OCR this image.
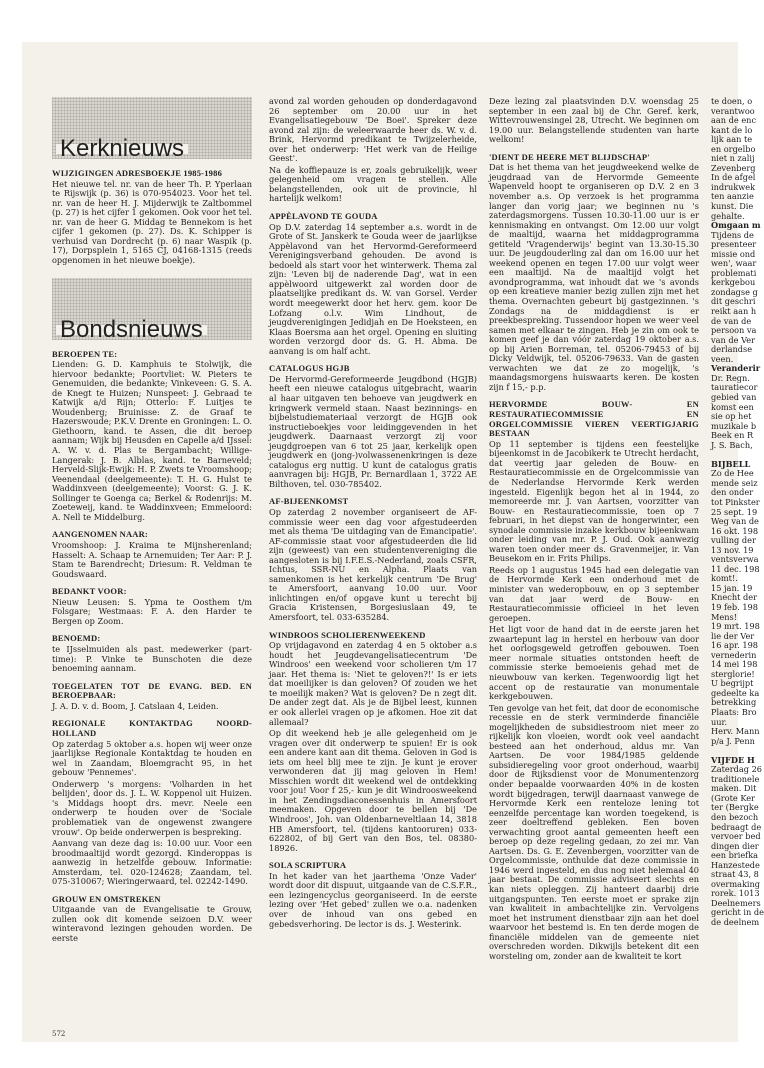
Kerknieuws
WIJZIGINGEN ADRESBOEKJE 1985-1986

Het nieuwe tel. nr. van de heer Th. P. Yperlaan te Rijswijk (p. 36) is 070-954023. Voor het tel. nr. van de heer H. J. Mijderwijk te Zaltbommel (p. 27) is het cijfer 1 gekomen. Ook voor het tel. nr. van de heer G. Middag te Bennekom is het cijfer 1 gekomen (p. 27). Ds. K. Schipper is verhuisd van Dordrecht (p. 6) naar Waspik (p. 17), Dorpsplein 1, 5165 CJ, 04168-1315 (reeds opgenomen in het nieuwe boekje).

Bondsnieuws
BEROEPEN TE:

Lienden: G. D. Kamphuis te Stolwijk, die hiervoor bedankte; Poortvliet: W. Pieters te Genemuiden, die bedankte; Vinkeveen: G. S. A. de Knegt te Huizen; Nunspeet: J. Gebraad te Katwijk a/d Rijn; Otterlo: F. Luitjes te Woudenberg; Bruinisse: Z. de Graaf te Hazerswoude; P.K.V. Drente en Groningen: L. O. Giethoorn, kand. te Assen, die dit beroep aannam; Wijk bij Heusden en Capelle a/d IJssel: A. W. v. d. Plas te Bergambacht; Willige-Langerak: J. B. Alblas, kand. te Barneveld; Herveld-Slijk-Ewijk: H. P. Zwets te Vroomshoop; Veenendaal (deelgemeente): T. H. G. Hulst te Waddinxveen (deelgemeente); Voorst: G. J. K. Sollinger te Goenga ca; Berkel & Rodenrijs: M. Zoeteweij, kand. te Waddinxveen; Emmeloord: A. Nell te Middelburg.

AANGENOMEN NAAR:

Vroomshoop: J. Kraima te Mijnsherenland; Hasselt: A. Schaap te Arnemuiden; Ter Aar: P. J. Stam te Barendrecht; Driesum: R. Veldman te Goudswaard.

BEDANKT VOOR:

Nieuw Leusen: S. Ypma te Oosthem t/m Folsgare; Westmaas: F. A. den Harder te Bergen op Zoom.

BENOEMD:

te IJsselmuiden als past. medewerker (part-time): P. Vinke te Bunschoten die deze benoeming aannam.

TOEGELATEN TOT DE EVANG. BED. EN BEROEPBAAR:

J. A. D. v. d. Boom, J. Catslaan 4, Leiden.

REGIONALE KONTAKTDAG NOORD-HOLLAND

Op zaterdag 5 oktober a.s. hopen wij weer onze jaarlijkse Regionale Kontaktdag te houden en wel in Zaandam, Bloemgracht 95, in het gebouw 'Pennemes'.

Onderwerp 's morgens: 'Volharden in het belijden', door ds. J. L. W. Koppenol uit Huizen. 's Middags hoopt drs. mevr. Neele een onderwerp te houden over de 'Sociale problematiek van de ongewenst zwangere vrouw'. Op beide onderwerpen is bespreking.

Aanvang van deze dag is: 10.00 uur. Voor een broodmaaltijd wordt gezorgd. Kinderoppas is aanwezig in hetzelfde gebouw. Informatie: Amsterdam, tel. 020-124628; Zaandam, tel. 075-310067; Wieringerwaard, tel. 02242-1490.

GROUW EN OMSTREKEN

Uitgaande van de Evangelisatie te Grouw, zullen ook dit komende seizoen D.V. weer winteravond lezingen gehouden worden. De eerste

avond zal worden gehouden op donderdagavond 26 september om 20.00 uur in het Evangelisatiegebouw 'De Boei'. Spreker deze avond zal zijn: de weleerwaarde heer ds. W. v. d. Brink, Hervormd predikant te Twijzelerheide, over het onderwerp: 'Het werk van de Heilige Geest'.

Na de koffiepauze is er, zoals gebruikelijk, weer gelegenheid om vragen te stellen. Alle belangstellenden, ook uit de provincie, hl hartelijk welkom!

APPÈLAVOND TE GOUDA

Op D.V. zaterdag 14 september a.s. wordt in de Grote of St. Janskerk te Gouda weer de jaarlijkse Appèlavond van het Hervormd-Gereformeerd Verenigingsverband gehouden. De avond is bedoeld als start voor het winterwerk. Thema zal zijn: 'Leven bij de naderende Dag', wat in een appèlwoord uitgewerkt zal worden door de plaatselijke predikant ds. W. van Gorsel. Verder wordt meegewerkt door het herv. gem. koor De Lofzang o.l.v. Wim Lindhout, de jeugdverenigingen Jedidjah en De Hoeksteen, en Klaas Boersma aan het orgel. Opening en sluiting worden verzorgd door ds. G. H. Abma. De aanvang is om half acht.

CATALOGUS HGJB

De Hervormd-Gereformeerde Jeugdbond (HGJB) heeft een nieuwe catalogus uitgebracht, waarin al haar uitgaven ten behoeve van jeugdwerk en kringwerk vermeld staan. Naast bezinnings- en bijbelstudiemateriaal verzorgt de HGJB ook instructieboekjes voor leidinggevenden in het jeugdwerk. Daarnaast verzorgt zij voor jeugdgroepen van 6 tot 25 jaar, kerkelijk open jeugdwerk en (jong-)volwassenenkringen is deze catalogus erg nuttig. U kunt de catalogus gratis aanvragen bij: HGJB, Pr. Bernardlaan 1, 3722 AE Bilthoven, tel. 030-785402.

AF-BIJEENKOMST

Op zaterdag 2 november organiseert de AF-commissie weer een dag voor afgestudeerden met als thema 'De uitdaging van de Emancipatie'. AF-commissie staat voor afgestudeerden die lid zijn (geweest) van een studentenvereniging die aangesloten is bij I.F.E.S.-Nederland, zoals CSFR, Ichtus, SSR-NU en Alpha. Plaats van samenkomen is het kerkelijk centrum 'De Brug' te Amersfoort, aanvang 10.00 uur. Voor inlichtingen en/of opgave kunt u terecht bij Gracia Kristensen, Borgesiuslaan 49, te Amersfoort, tel. 033-635284.

WINDROOS SCHOLIERENWEEKEND

Op vrijdagavond en zaterdag 4 en 5 oktober a.s houdt het Jeugdevangelisatiecentrum 'De Windroos' een weekend voor scholieren t/m 17 jaar. Het thema is: 'Niet te geloven?!' Is er iets dat moeilijker is dan geloven? Of zouden we het te moeilijk maken? Wat is geloven? De n zegt dit. De ander zegt dat. Als je de Bijbel leest, kunnen er ook allerlei vragen op je afkomen. Hoe zit dat allemaal?

Op dit weekend heb je alle gelegenheid om je vragen over dit onderwerp te spuien! Er is ook een andere kant aan dit thema. Geloven in God is iets om heel blij mee te zijn. Je kunt je erover verwonderen dat jij mag geloven in Hem! Misschien wordt dit weekend wel de ontdekking voor jou! Voor f 25,- kun je dit Windroosweekend in het Zendingsdiaconessenhuis in Amersfoort meemaken. Opgeven door te bellen bij 'De Windroos', Joh. van Oldenbarneveltlaan 14, 3818 HB Amersfoort, tel. (tijdens kantooruren) 033-622802, of bij Gert van den Bos, tel. 08380-18926.

SOLA SCRIPTURA

In het kader van het jaarthema 'Onze Vader' wordt door dit dispuut, uitgaande van de C.S.F.R., een lezingencyclus georganiseerd. In de eerste lezing over 'Het gebed' zullen we o.a. nadenken over de inhoud van ons gebed en gebedsverhoring. De lector is ds. J. Westerink.

Deze lezing zal plaatsvinden D.V. woensdag 25 september in een zaal bij de Chr. Geref. kerk, Wittevrouwensingel 28, Utrecht. We beginnen om 19.00 uur. Belangstellende studenten van harte welkom!

'DIENT DE HEERE MET BLIJDSCHAP'

Dat is het thema van het jeugdweekend welke de jeugdraad van de Hervormde Gemeente Wapenveld hoopt te organiseren op D.V. 2 en 3 november a.s. Op verzoek is het programma langer dan vorig jaar; we beginnen nu 's zaterdagsmorgens. Tussen 10.30-11.00 uur is er kennismaking en ontvangst. Om 12.00 uur volgt de maaltijd, waarna het middagprogramma getiteld 'Vragenderwijs' begint van 13.30-15.30 uur. De jeugdouderling zal dan om 16.00 uur het weekend openen en tegen 17.00 uur volgt weer een maaltijd. Na de maaltijd volgt het avondprogramma, wat inhoudt dat we 's avonds op een kreatieve manier bezig zullen zijn met het thema. Overnachten gebeurt bij gastgezinnen. 's Zondags na de middagdienst is er preekbespreking. Tussendoor hopen we weer veel samen met elkaar te zingen. Heb je zin om ook te komen geef je dan vóór zaterdag 19 oktober a.s. op bij Arien Borreman, tel. 05206-79453 of bij Dicky Veldwijk, tel. 05206-79633. Van de gasten verwachten we dat ze zo mogelijk, 's maandagsmorgens huiswaarts keren. De kosten zijn f 15,- p.p.

HERVORMDE BOUW- EN RESTAURATIECOMMISSIE EN ORGELCOMMISSIE VIEREN VEERTIGJARIG BESTAAN

Op 11 september is tijdens een feestelijke bijeenkomst in de Jacobikerk te Utrecht herdacht, dat veertig jaar geleden de Bouw- en Restauratiecommissie en de Orgelcommissie van de Nederlandse Hervormde Kerk werden ingesteld. Eigenlijk begon het al in 1944, zo memoreerde mr. J. van Aartsen, voorzitter van Bouw- en Restauratiecommissie, toen op 7 februari, in het diepst van de hongerwinter, een synodale commissie inzake kerkbouw bijeenkwam onder leiding van mr. P. J. Oud. Ook aanwezig waren toen onder meer ds. Gravenmeijer, ir. Van Beusekom en ir. Frits Philips.

Reeds op 1 augustus 1945 had een delegatie van de Hervormde Kerk een onderhoud met de minister van wederopbouw, en op 3 september van dat jaar werd de Bouw- en Restauratiecommissie officieel in het leven geroepen.

Het ligt voor de hand dat in de eerste jaren het zwaartepunt lag in herstel en herbouw van door het oorlogsgeweld getroffen gebouwen. Toen meer normale situaties ontstonden heeft de commissie sterke bemoeienis gehad met de nieuwbouw van kerken. Tegenwoordig ligt het accent op de restauratie van monumentale kerkgebouwen.

Ten gevolge van het feit, dat door de economische recessie en de sterk verminderde financiële mogelijkheden de subsidiestroom niet meer zo rijkelijk kon vloeien, wordt ook veel aandacht besteed aan het onderhoud, aldus mr. Van Aartsen. De voor 1984/1985 geldende subsidieregeling voor groot onderhoud, waarbij door de Rijksdienst voor de Monumentenzorg onder bepaalde voorwaarden 40% in de kosten wordt bijgedragen, terwijl daarnaast vanwege de Hervormde Kerk een renteloze lening tot eenzelfde percentage kan worden toegekend, is zeer doeltreffend gebleken. Een boven verwachting groot aantal gemeenten heeft een beroep op deze regeling gedaan, zo zei mr. Van Aartsen. Ds. G. E. Zevenbergen, voorzitter van de Orgelcommissie, onthulde dat deze commissie in 1946 werd ingesteld, en dus nog niet helemaal 40 jaar bestaat. De commissie adviseert slechts en kan niets opleggen. Zij hanteert daarbij drie uitgangspunten. Ten eerste moet er sprake zijn van kwaliteit in ambachtelijke zin. Vervolgens moet het instrument dienstbaar zijn aan het doel waarvoor het bestemd is. En ten derde mogen de financiële middelen van de gemeente niet overschreden worden. Dikwijls betekent dit een worsteling om, zonder aan de kwaliteit te kort

te doen, o

verantwoo

aan de enc

kant de lo

lijk aan te

en orgelbo

niet n zalij

Zevenberg

In de afgel

indrukwek

ten aanzie

kunst. Die

gehalte.

Omgaan m

Tijdens de

presenteer

missie ond

wen', waar

problemati

kerkgebou

zondagse g

dit geschri

reikt aan h

de van de

persoon va

van de Ver

derlandse

veen.

Veranderir

Dr. Regn.

tauratiecor

gebied van

komst een

sie op het

muzikale b

Beek en R

J. S. Bach,

BIJBELL

Zo de Hee

mende seiz

den onder

tot Pinkster

25 sept. 19

Weg van de

16 okt. 198

vulling der

13 nov. 19

ventsverwa

11 dec. 198

komt!.

15 jan. 19

Knecht der

19 feb. 198

Mens!

19 mrt. 198

lie der Ver

16 apr. 198

vernederin

14 mei 198

sterglorie!

U begrijpt

gedeelte ka

betrekking

Plaats: Bro

uur.

Herv. Mann

p/a J. Penn

VIJFDE H

Zaterdag 26

traditionele

maken. Dit

(Grote Ker

ter (Bergke

den bezoch

bedraagt de

vervoer bed

dingen dier

een briefka

Hanzestede

straat 43, 8

overmaking

rorek. 1013

Deelnemers

gericht in de

de deelnem

572
